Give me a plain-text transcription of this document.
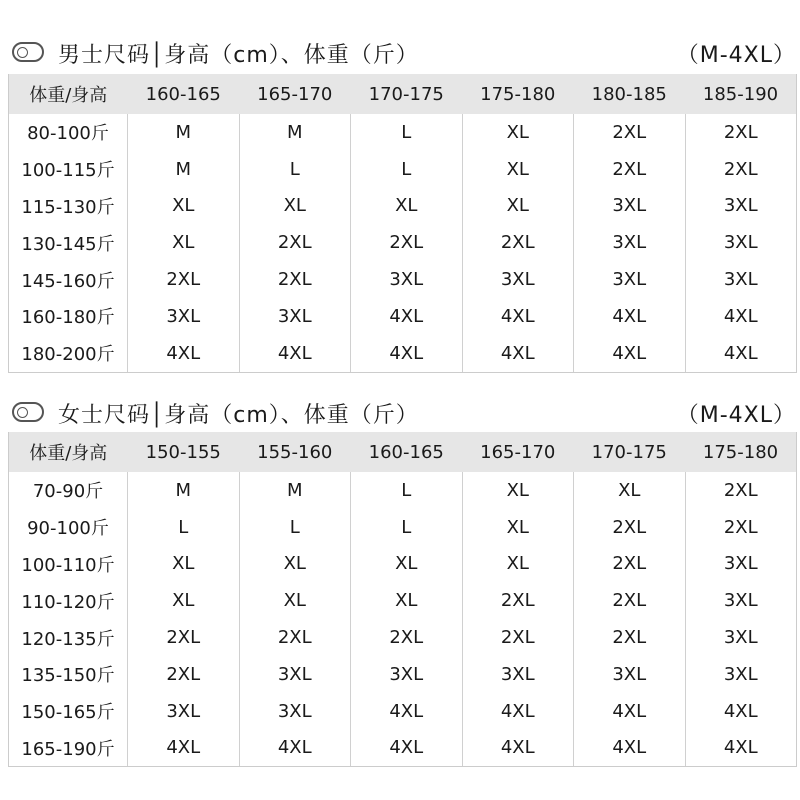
男士尺码│身高（cm）、体重（斤）	（M-4XL）
体重/身高	160-165	165-170	170-175	175-180	180-185	185-190
80-100斤	M	M	L	XL	2XL	2XL
100-115斤	M	L	L	XL	2XL	2XL
115-130斤	XL	XL	XL	XL	3XL	3XL
130-145斤	XL	2XL	2XL	2XL	3XL	3XL
145-160斤	2XL	2XL	3XL	3XL	3XL	3XL
160-180斤	3XL	3XL	4XL	4XL	4XL	4XL
180-200斤	4XL	4XL	4XL	4XL	4XL	4XL
女士尺码│身高（cm）、体重（斤）	（M-4XL）
体重/身高	150-155	155-160	160-165	165-170	170-175	175-180
70-90斤	M	M	L	XL	XL	2XL
90-100斤	L	L	L	XL	2XL	2XL
100-110斤	XL	XL	XL	XL	2XL	3XL
110-120斤	XL	XL	XL	2XL	2XL	3XL
120-135斤	2XL	2XL	2XL	2XL	2XL	3XL
135-150斤	2XL	3XL	3XL	3XL	3XL	3XL
150-165斤	3XL	3XL	4XL	4XL	4XL	4XL
165-190斤	4XL	4XL	4XL	4XL	4XL	4XL
